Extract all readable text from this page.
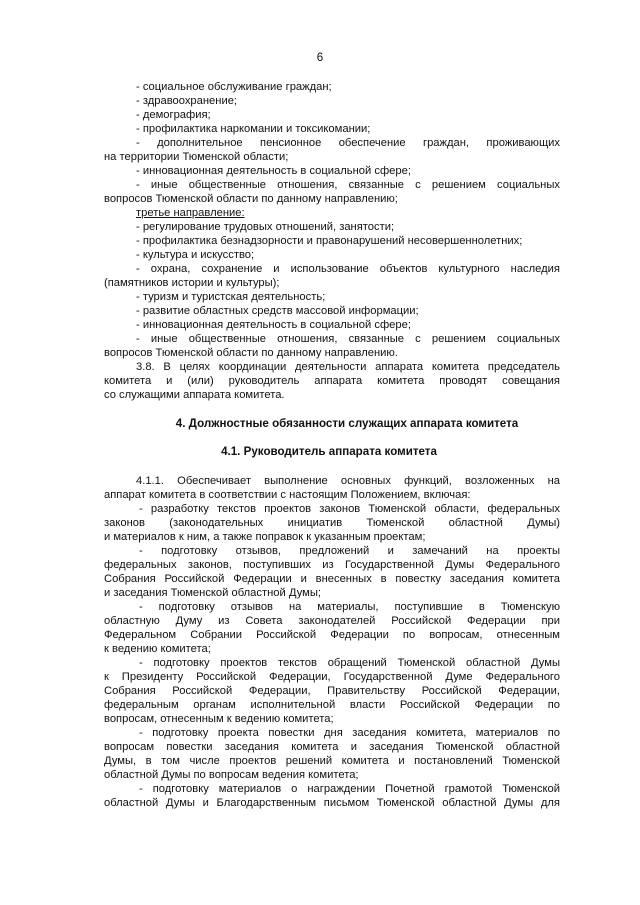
6
- социальное обслуживание граждан;
- здравоохранение;
- демография;
- профилактика наркомании и токсикомании;
- дополнительное пенсионное обеспечение граждан, проживающих
на территории Тюменской области;
- инновационная деятельность в социальной сфере;
- иные общественные отношения, связанные с решением социальных
вопросов Тюменской области по данному направлению;
третье направление:
- регулирование трудовых отношений, занятости;
- профилактика безнадзорности и правонарушений несовершеннолетних;
- культура и искусство;
- охрана, сохранение и использование объектов культурного наследия
(памятников истории и культуры);
- туризм и туристская деятельность;
- развитие областных средств массовой информации;
- инновационная деятельность в социальной сфере;
- иные общественные отношения, связанные с решением социальных
вопросов Тюменской области по данному направлению.
3.8. В целях координации деятельности аппарата комитета председатель
комитета и (или) руководитель аппарата комитета проводят совещания
со служащими аппарата комитета.
4. Должностные обязанности служащих аппарата комитета
4.1. Руководитель аппарата комитета
4.1.1. Обеспечивает выполнение основных функций, возложенных на
аппарат комитета в соответствии с настоящим Положением, включая:
- разработку текстов проектов законов Тюменской области, федеральных
законов (законодательных инициатив Тюменской областной Думы)
и материалов к ним, а также поправок к указанным проектам;
- подготовку отзывов, предложений и замечаний на проекты
федеральных законов, поступивших из Государственной Думы Федерального
Собрания Российской Федерации и внесенных в повестку заседания комитета
и заседания Тюменской областной Думы;
- подготовку отзывов на материалы, поступившие в Тюменскую
областную Думу из Совета законодателей Российской Федерации при
Федеральном Собрании Российской Федерации по вопросам, отнесенным
к ведению комитета;
- подготовку проектов текстов обращений Тюменской областной Думы
к Президенту Российской Федерации, Государственной Думе Федерального
Собрания Российской Федерации, Правительству Российской Федерации,
федеральным органам исполнительной власти Российской Федерации по
вопросам, отнесенным к ведению комитета;
- подготовку проекта повестки дня заседания комитета, материалов по
вопросам повестки заседания комитета и заседания Тюменской областной
Думы, в том числе проектов решений комитета и постановлений Тюменской
областной Думы по вопросам ведения комитета;
- подготовку материалов о награждении Почетной грамотой Тюменской
областной Думы и Благодарственным письмом Тюменской областной Думы для
